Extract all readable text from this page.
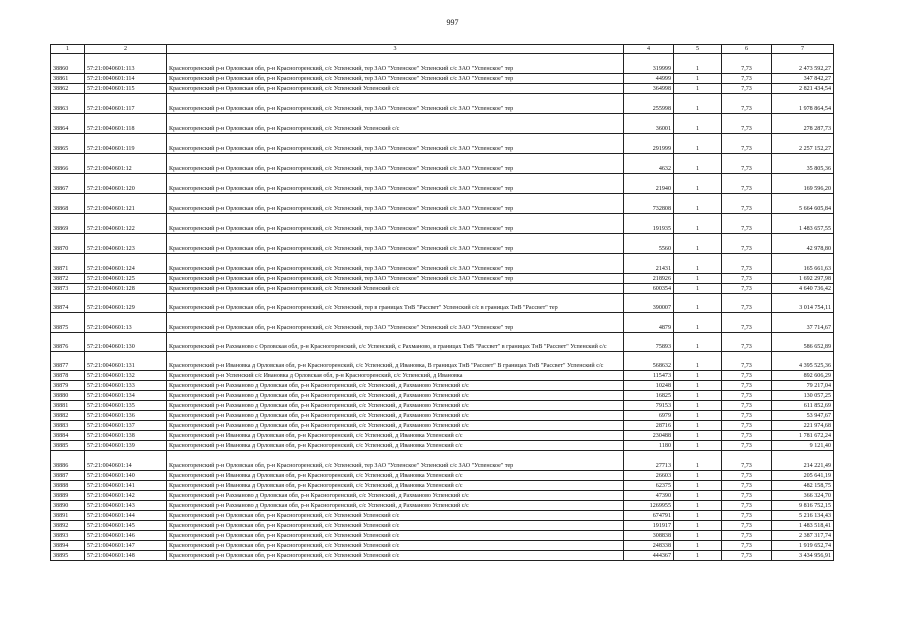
997
1	2	3	4	5	6	7
38860	57:21:0040601:113	Красногоренский р-н Орловская обл, р-н Красногоренский, с/с Успенский, тер ЗАО "Успенское" Успенский с/с ЗАО "Успенское" тер	319999	1	7,73	2 473 592,27
38861	57:21:0040601:114	Красногоренский р-н Орловская обл, р-н Красногоренский, с/с Успенский, тер ЗАО "Успенское" Успенский с/с ЗАО "Успенское" тер	44999	1	7,73	347 842,27
38862	57:21:0040601:115	Красногоренский р-н Орловская обл, р-н Красногоренский, с/с Успенский Успенский с/с	364998	1	7,73	2 821 434,54
38863	57:21:0040601:117	Красногоренский р-н Орловская обл, р-н Красногоренский, с/с Успенский, тер ЗАО "Успенское" Успенский с/с ЗАО "Успенское" тер	255998	1	7,73	1 978 864,54
38864	57:21:0040601:118	Красногоренский р-н Орловская обл, р-н Красногоренский, с/с Успенский Успенский с/с	36001	1	7,73	278 287,73
38865	57:21:0040601:119	Красногоренский р-н Орловская обл, р-н Красногоренский, с/с Успенский, тер ЗАО "Успенское" Успенский с/с ЗАО "Успенское" тер	291999	1	7,73	2 257 152,27
38866	57:21:0040601:12	Красногоренский р-н Орловская обл, р-н Красногоренский, с/с Успенский, тер ЗАО "Успенское" Успенский с/с ЗАО "Успенское" тер	4632	1	7,73	35 805,36
38867	57:21:0040601:120	Красногоренский р-н Орловская обл, р-н Красногоренский, с/с Успенский, тер ЗАО "Успенское" Успенский с/с ЗАО "Успенское" тер	21940	1	7,73	169 596,20
38868	57:21:0040601:121	Красногоренский р-н Орловская обл, р-н Красногоренский, с/с Успенский, тер ЗАО "Успенское" Успенский с/с ЗАО "Успенское" тер	732808	1	7,73	5 664 605,84
38869	57:21:0040601:122	Красногоренский р-н Орловская обл, р-н Красногоренский, с/с Успенский, тер ЗАО "Успенское" Успенский с/с ЗАО "Успенское" тер	191935	1	7,73	1 483 657,55
38870	57:21:0040601:123	Красногоренский р-н Орловская обл, р-н Красногоренский, с/с Успенский, тер ЗАО "Успенское" Успенский с/с ЗАО "Успенское" тер	5560	1	7,73	42 978,80
38871	57:21:0040601:124	Красногоренский р-н Орловская обл, р-н Красногоренский, с/с Успенский, тер ЗАО "Успенское" Успенский с/с ЗАО "Успенское" тер	21431	1	7,73	165 661,63
38872	57:21:0040601:125	Красногоренский р-н Орловская обл, р-н Красногоренский, с/с Успенский, тер ЗАО "Успенское" Успенский с/с ЗАО "Успенское" тер	218926	1	7,73	1 692 297,98
38873	57:21:0040601:128	Красногоренский р-н Орловская обл, р-н Красногоренский, с/с Успенский Успенский с/с	600354	1	7,73	4 640 736,42
38874	57:21:0040601:129	Красногоренский р-н Орловская обл, р-н Красногоренский, с/с Успенский, тер в границах ТнВ "Рассвет" Успенский с/с в границах ТнВ "Рассвет" тер	390007	1	7,73	3 014 754,11
38875	57:21:0040601:13	Красногоренский р-н Орловская обл, р-н Красногоренский, с/с Успенский, тер ЗАО "Успенское" Успенский с/с ЗАО "Успенское" тер	4879	1	7,73	37 714,67
38876	57:21:0040601:130	Красногоренский р-н Рахманово с Орловская обл, р-н Красногоренский, с/с Успенский, с Рахманово, в границах ТнВ "Рассвет" в границах ТнВ "Рассвет" Успенский с/с	75893	1	7,73	586 652,89
38877	57:21:0040601:131	Красногоренский р-н Ивановка д Орловская обл, р-н Красногоренский, с/с Успенский, д Ивановка, В границах ТнВ "Рассвет" В границах ТнВ "Рассвет" Успенский с/с	568632	1	7,73	4 395 525,36
38878	57:21:0040601:132	Красногоренский р-н Успенский с/с Ивановка д Орловская обл, р-н Красногоренский, с/с Успенский, д Ивановка	115473	1	7,73	892 606,29
38879	57:21:0040601:133	Красногоренский р-н Рахманово д Орловская обл, р-н Красногоренский, с/с Успенский, д Рахманово Успенский с/с	10248	1	7,73	79 217,04
38880	57:21:0040601:134	Красногоренский р-н Рахманово д Орловская обл, р-н Красногоренский, с/с Успенский, д Рахманово Успенский с/с	16825	1	7,73	130 057,25
38881	57:21:0040601:135	Красногоренский р-н Рахманово д Орловская обл, р-н Красногоренский, с/с Успенский, д Рахманово Успенский с/с	79153	1	7,73	611 852,69
38882	57:21:0040601:136	Красногоренский р-н Рахманово д Орловская обл, р-н Красногоренский, с/с Успенский, д Рахманово Успенский с/с	6979	1	7,73	53 947,67
38883	57:21:0040601:137	Красногоренский р-н Рахманово д Орловская обл, р-н Красногоренский, с/с Успенский, д Рахманово Успенский с/с	28716	1	7,73	221 974,68
38884	57:21:0040601:138	Красногоренский р-н Ивановка д Орловская обл, р-н Красногоренский, с/с Успенский, д Ивановка Успенский с/с	230488	1	7,73	1 781 672,24
38885	57:21:0040601:139	Красногоренский р-н Ивановка д Орловская обл, р-н Красногоренский, с/с Успенский, д Ивановка Успенский с/с	1180	1	7,73	9 121,40
38886	57:21:0040601:14	Красногоренский р-н Орловская обл, р-н Красногоренский, с/с Успенский, тер ЗАО "Успенское" Успенский с/с ЗАО "Успенское" тер	27713	1	7,73	214 221,49
38887	57:21:0040601:140	Красногоренский р-н Ивановка д Орловская обл, р-н Красногоренский, с/с Успенский, д Ивановка Успенский с/с	26603	1	7,73	205 641,19
38888	57:21:0040601:141	Красногоренский р-н Ивановка д Орловская обл, р-н Красногоренский, с/с Успенский, д Ивановка Успенский с/с	62375	1	7,73	482 158,75
38889	57:21:0040601:142	Красногоренский р-н Рахманово д Орловская обл, р-н Красногоренский, с/с Успенский, д Рахманово Успенский с/с	47390	1	7,73	366 324,70
38890	57:21:0040601:143	Красногоренский р-н Рахманово д Орловская обл, р-н Красногоренский, с/с Успенский, д Рахманово Успенский с/с	1269955	1	7,73	9 816 752,15
38891	57:21:0040601:144	Красногоренский р-н Орловская обл, р-н Красногоренский, с/с Успенский Успенский с/с	674791	1	7,73	5 216 134,43
38892	57:21:0040601:145	Красногоренский р-н Орловская обл, р-н Красногоренский, с/с Успенский Успенский с/с	191917	1	7,73	1 483 518,41
38893	57:21:0040601:146	Красногоренский р-н Орловская обл, р-н Красногоренский, с/с Успенский Успенский с/с	308838	1	7,73	2 387 317,74
38894	57:21:0040601:147	Красногоренский р-н Орловская обл, р-н Красногоренский, с/с Успенский Успенский с/с	248338	1	7,73	1 919 652,74
38895	57:21:0040601:148	Красногоренский р-н Орловская обл, р-н Красногоренский, с/с Успенский Успенский с/с	444367	1	7,73	3 434 956,91
